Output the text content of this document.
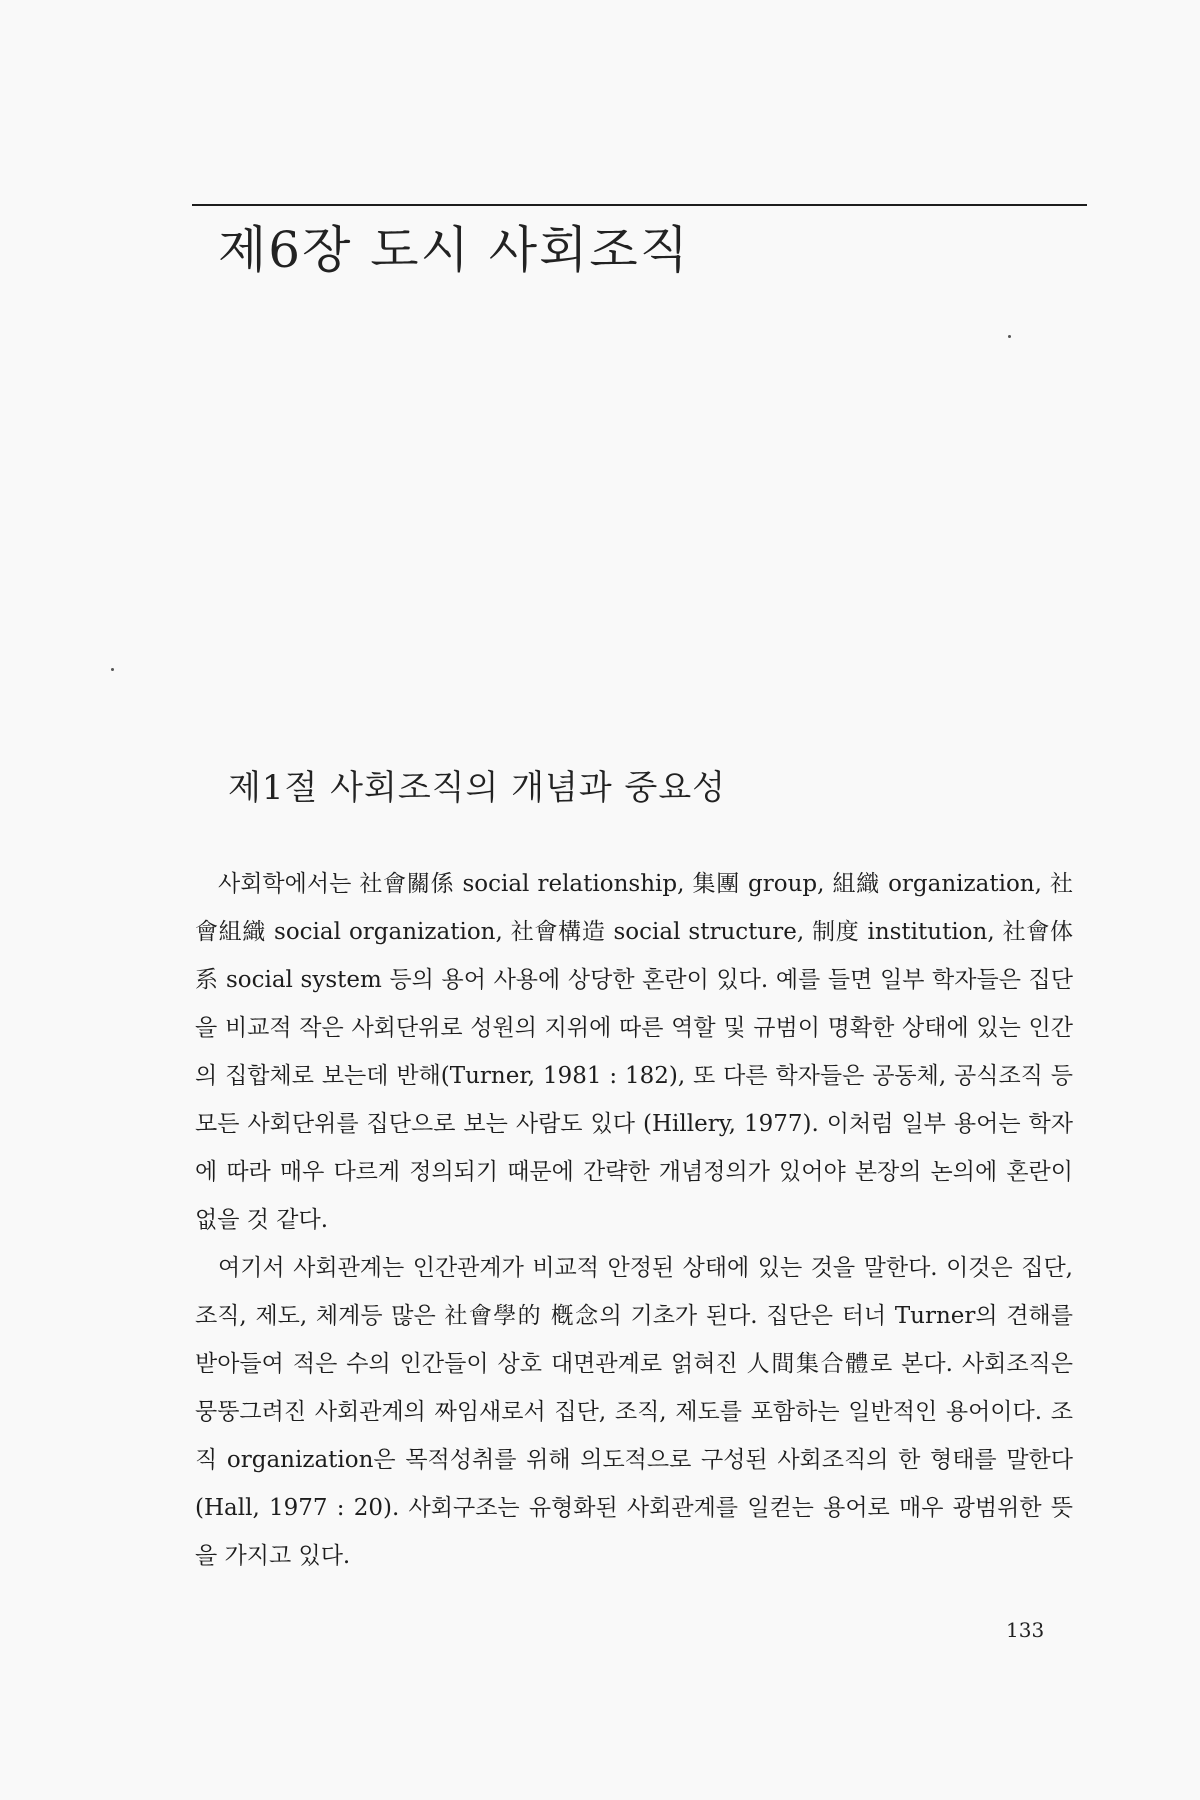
제6장 도시 사회조직
제1절 사회조직의 개념과 중요성

사회학에서는 社會關係 social relationship, 集團 group, 組織 organization, 社會組織 social organization, 社會構造 social structure, 制度 institution, 社會体系 social system 등의 용어 사용에 상당한 혼란이 있다. 예를 들면 일부 학자들은 집단을 비교적 작은 사회단위로 성원의 지위에 따른 역할 및 규범이 명확한 상태에 있는 인간의 집합체로 보는데 반해(Turner, 1981 : 182), 또 다른 학자들은 공동체, 공식조직 등 모든 사회단위를 집단으로 보는 사람도 있다 (Hillery, 1977). 이처럼 일부 용어는 학자에 따라 매우 다르게 정의되기 때문에 간략한 개념정의가 있어야 본장의 논의에 혼란이 없을 것 같다.

여기서 사회관계는 인간관계가 비교적 안정된 상태에 있는 것을 말한다. 이것은 집단, 조직, 제도, 체계등 많은 社會學的 槪念의 기초가 된다. 집단은 터너 Turner의 견해를 받아들여 적은 수의 인간들이 상호 대면관계로 얽혀진 人間集合體로 본다. 사회조직은 뭉뚱그려진 사회관계의 짜임새로서 집단, 조직, 제도를 포함하는 일반적인 용어이다. 조직 organization은 목적성취를 위해 의도적으로 구성된 사회조직의 한 형태를 말한다(Hall, 1977 : 20). 사회구조는 유형화된 사회관계를 일컫는 용어로 매우 광범위한 뜻을 가지고 있다.

133
